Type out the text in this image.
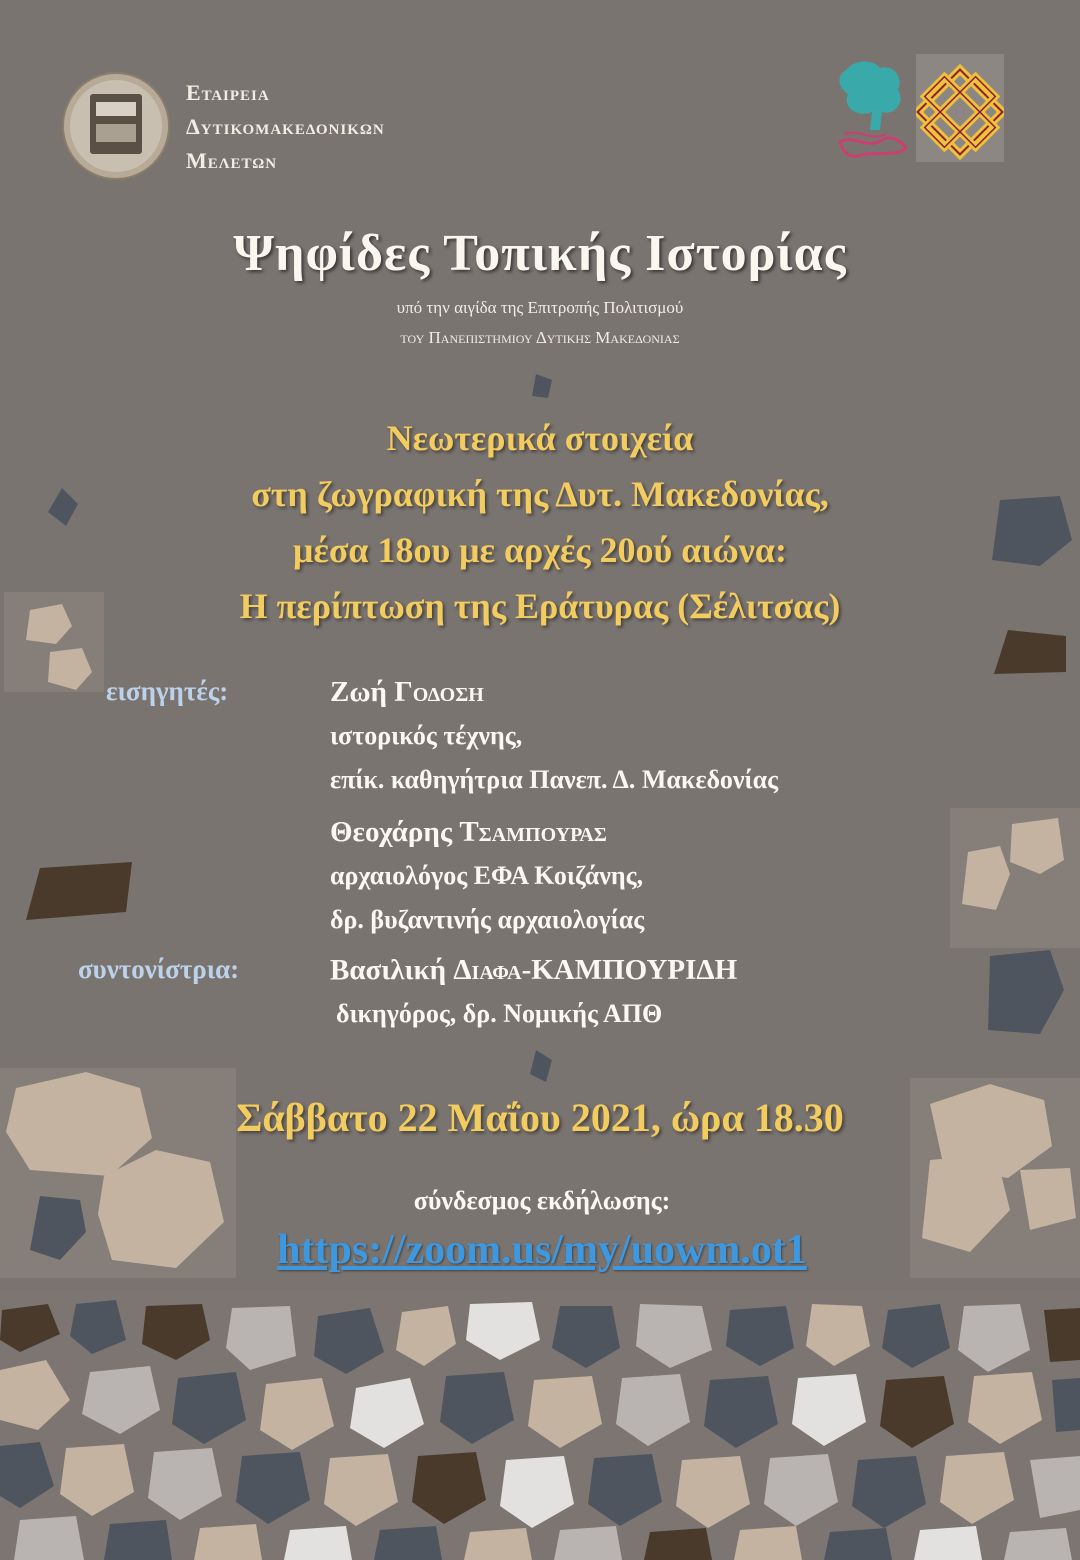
Εταιρεια
Δυτικομακεδονικων
Μελετων
Ψηφίδες Τοπικής Ιστορίας
υπό την αιγίδα της Επιτροπής Πολιτισμού
του Πανεπιστημιου Δυτικης Μακεδονιας
Νεωτερικά στοιχεία
στη ζωγραφική της Δυτ. Μακεδονίας,
μέσα 18ου με αρχές 20ού αιώνα:
Η περίπτωση της Εράτυρας (Σέλιτσας)
εισηγητές:	Ζωή Γοδοση
ιστορικός τέχνης,
επίκ. καθηγήτρια Πανεπ. Δ. Μακεδονίας
Θεοχάρης Τσαμπουρας
αρχαιολόγος ΕΦΑ Κοιζάνης,
δρ. βυζαντινής αρχαιολογίας
συντονίστρια:	Βασιλική Διαφα-ΚΑΜΠΟΥΡΙΔΗ
δικηγόρος, δρ. Νομικής ΑΠΘ
Σάββατο 22 Μαΐου 2021, ώρα 18.30
σύνδεσμος εκδήλωσης:
https://zoom.us/my/uowm.ot1
